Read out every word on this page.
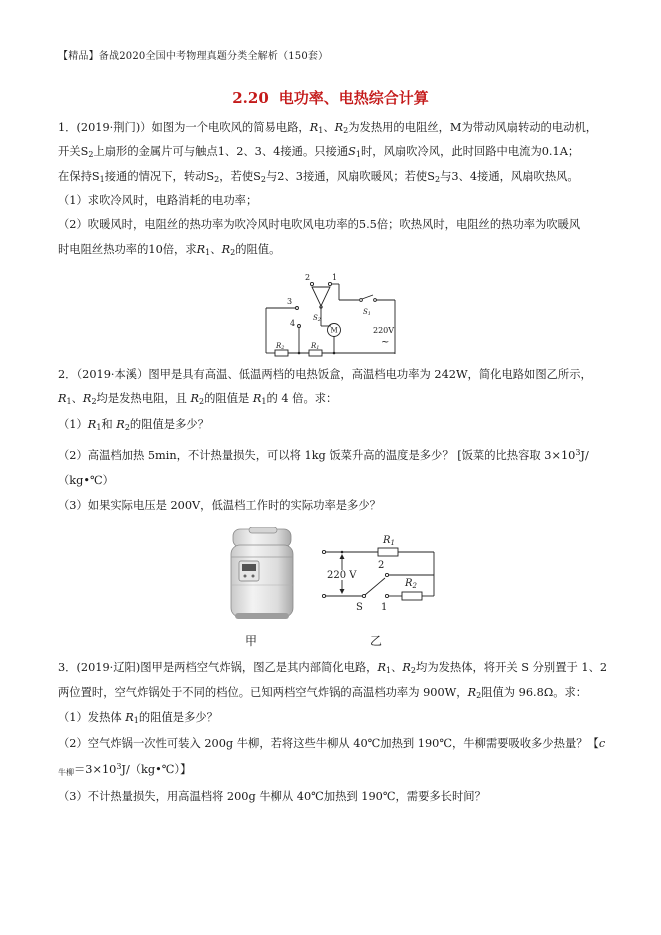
【精品】备战2020全国中考物理真题分类全解析（150套）
2.20 电功率、电热综合计算
1．(2019·荆门)）如图为一个电吹风的简易电路，$R_1$、$R_2$为发热用的电阻丝，M为带动风扇转动的电动机，
开关$S_2$上扇形的金属片可与触点1、2、3、4接通。只接通$S_1$时，风扇吹冷风，此时回路中电流为0.1A；
在保持$S_1$接通的情况下，转动$S_2$，若使$S_2$与2、3接通，风扇吹暖风；若使$S_2$与3、4接通，风扇吹热风。
（1）求吹冷风时，电路消耗的电功率；
（2）吹暖风时，电阻丝的热功率为吹冷风时电吹风电功率的5.5倍；吹热风时，电阻丝的热功率为吹暖风
时电阻丝热功率的10倍，求$R_1$、$R_2$的阻值。
2	1
3
4
S2
M
S1
220V
~
R2	R1
2．（2019·本溪）图甲是具有高温、低温两档的电热饭盒，高温档电功率为 242W，简化电路如图乙所示，
$R_1$、$R_2$均是发热电阻，且 $R_2$的阻值是 $R_1$的 4 倍。求：
$(1)R_1$和 $R_2$的阻值是多少？
（2）高温档加热 5min，不计热量损失，可以将 1kg 饭菜升高的温度是多少？ [饭菜的比热容取 $3\times 10^3J/$
（kg•℃）
（3）如果实际电压是 200V，低温档工作时的实际功率是多少？
220 V
$R_1$
$R_2$
2
1
S
甲	乙
3．(2019·辽阳)图甲是两档空气炸锅，图乙是其内部简化电路，$R_1$、$R_2$均为发热体，将开关 S 分别置于 1、2
两位置时，空气炸锅处于不同的档位。已知两档空气炸锅的高温档功率为 900W，$R_2$阻值为 96.8Ω。求：
（1）发热体 $R_1$的阻值是多少？
（2）空气炸锅一次性可装入 200g 牛柳，若将这些牛柳从 40℃加热到 190℃，牛柳需要吸收多少热量？【c
$_{牛柳}=3\times 10^3J/(kg•℃)$】
（3）不计热量损失，用高温档将 200g 牛柳从 40℃加热到 190℃，需要多长时间？
